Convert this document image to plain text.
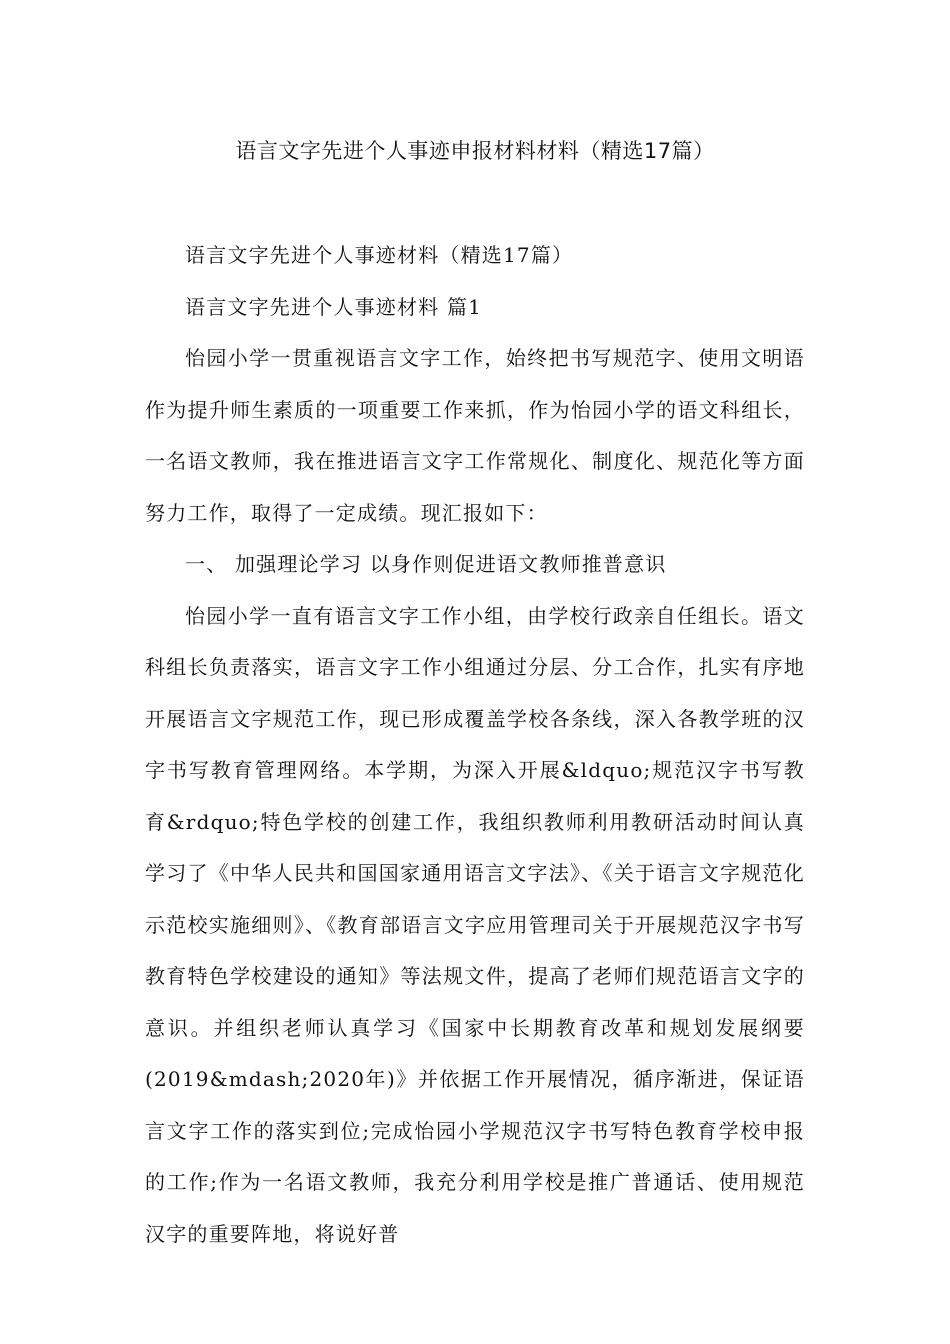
语言文字先进个人事迹申报材料材料（精选17篇）

语言文字先进个人事迹材料（精选17篇）

语言文字先进个人事迹材料 篇1

怡园小学一贯重视语言文字工作，始终把书写规范字、使用文明语作为提升师生素质的一项重要工作来抓，作为怡园小学的语文科组长，一名语文教师，我在推进语言文字工作常规化、制度化、规范化等方面努力工作，取得了一定成绩。现汇报如下：

一、 加强理论学习 以身作则促进语文教师推普意识

怡园小学一直有语言文字工作小组，由学校行政亲自任组长。语文科组长负责落实，语言文字工作小组通过分层、分工合作，扎实有序地开展语言文字规范工作，现已形成覆盖学校各条线，深入各教学班的汉字书写教育管理网络。本学期，为深入开展&ldquo;规范汉字书写教育&rdquo;特色学校的创建工作，我组织教师利用教研活动时间认真学习了《中华人民共和国国家通用语言文字法》、《关于语言文字规范化示范校实施细则》、《教育部语言文字应用管理司关于开展规范汉字书写教育特色学校建设的通知》等法规文件，提高了老师们规范语言文字的意识。并组织老师认真学习《国家中长期教育改革和规划发展纲要(2019&mdash;2020年)》并依据工作开展情况，循序渐进，保证语言文字工作的落实到位;完成怡园小学规范汉字书写特色教育学校申报的工作;作为一名语文教师，我充分利用学校是推广普通话、使用规范汉字的重要阵地，将说好普
